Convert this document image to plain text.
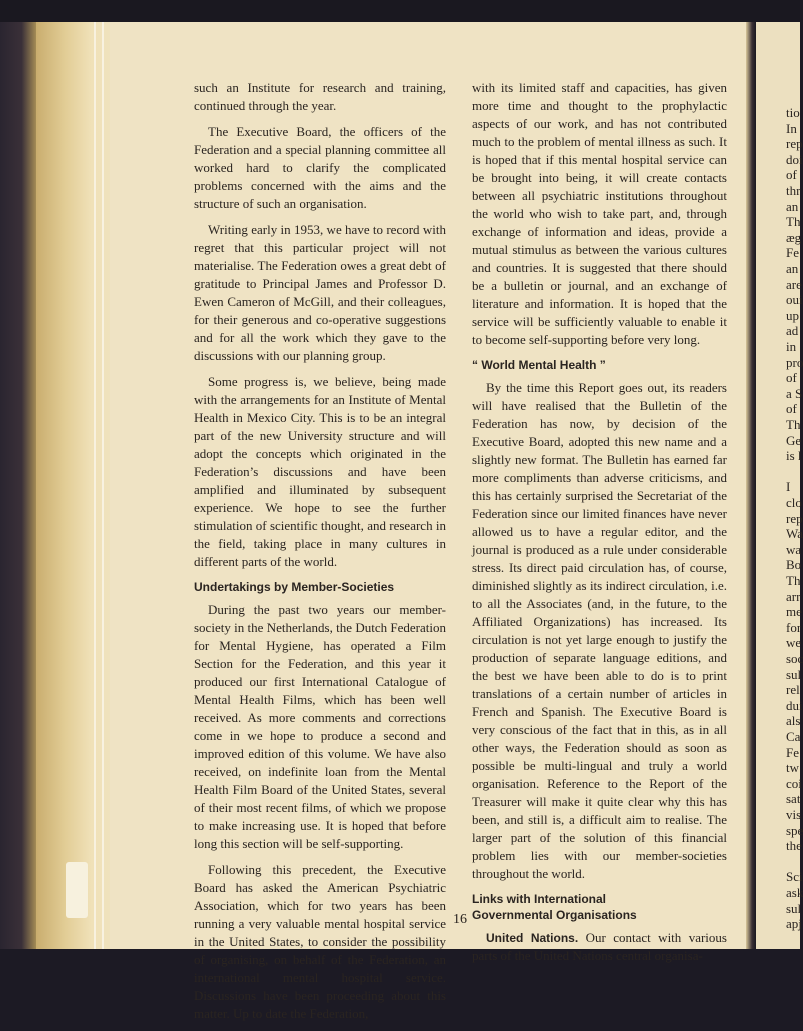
tio
In
rep
doi
of
thr
an
Th
æg
Fe
an
are
oui
up
ad
in
pro
of
a S
of
Th
Ge
is l
I
clo
rep
Wa
wa
Bo
Th
arr
me
for
we
soc
sul
rel
dui
als
Ca
Fe
tw
coi
sat
vis
spe
the
Sci
ask
sul
apj

such an Institute for research and training, continued through the year.

The Executive Board, the officers of the Federation and a special planning committee all worked hard to clarify the complicated problems concerned with the aims and the structure of such an organisation.

Writing early in 1953, we have to record with regret that this particular project will not materialise. The Federation owes a great debt of gratitude to Principal James and Professor D. Ewen Cameron of McGill, and their colleagues, for their generous and co-operative suggestions and for all the work which they gave to the discussions with our planning group.

Some progress is, we believe, being made with the arrangements for an Institute of Mental Health in Mexico City. This is to be an integral part of the new University structure and will adopt the concepts which originated in the Federation’s discussions and have been amplified and illuminated by subsequent experience. We hope to see the further stimulation of scientific thought, and research in the field, taking place in many cultures in different parts of the world.

Undertakings by Member-Societies

During the past two years our member-society in the Netherlands, the Dutch Federation for Mental Hygiene, has operated a Film Section for the Federation, and this year it produced our first International Catalogue of Mental Health Films, which has been well received. As more comments and corrections come in we hope to produce a second and improved edition of this volume. We have also received, on indefinite loan from the Mental Health Film Board of the United States, several of their most recent films, of which we propose to make increasing use. It is hoped that before long this section will be self-supporting.

Following this precedent, the Executive Board has asked the American Psychiatric Association, which for two years has been running a very valuable mental hospital service in the United States, to consider the possibility of organising, on behalf of the Federation, an international mental hospital service. Discussions have been proceeding about this matter. Up to date the Federation,

with its limited staff and capacities, has given more time and thought to the prophylactic aspects of our work, and has not contributed much to the problem of mental illness as such. It is hoped that if this mental hospital service can be brought into being, it will create contacts between all psychiatric institutions throughout the world who wish to take part, and, through exchange of information and ideas, provide a mutual stimulus as between the various cultures and countries. It is suggested that there should be a bulletin or journal, and an exchange of literature and information. It is hoped that the service will be sufficiently valuable to enable it to become self-supporting before very long.

“ World Mental Health ”

By the time this Report goes out, its readers will have realised that the Bulletin of the Federation has now, by decision of the Executive Board, adopted this new name and a slightly new format. The Bulletin has earned far more compliments than adverse criticisms, and this has certainly surprised the Secretariat of the Federation since our limited finances have never allowed us to have a regular editor, and the journal is produced as a rule under considerable stress. Its direct paid circulation has, of course, diminished slightly as its indirect circulation, i.e. to all the Associates (and, in the future, to the Affiliated Organizations) has increased. Its circulation is not yet large enough to justify the production of separate language editions, and the best we have been able to do is to print translations of a certain number of articles in French and Spanish. The Executive Board is very conscious of the fact that in this, as in all other ways, the Federation should as soon as possible be multi-lingual and truly a world organisation. Reference to the Report of the Treasurer will make it quite clear why this has been, and still is, a difficult aim to realise. The larger part of the solution of this financial problem lies with our member-societies throughout the world.

Links with International
Governmental Organisations

United Nations. Our contact with various parts of the United Nations central organisa-

16
